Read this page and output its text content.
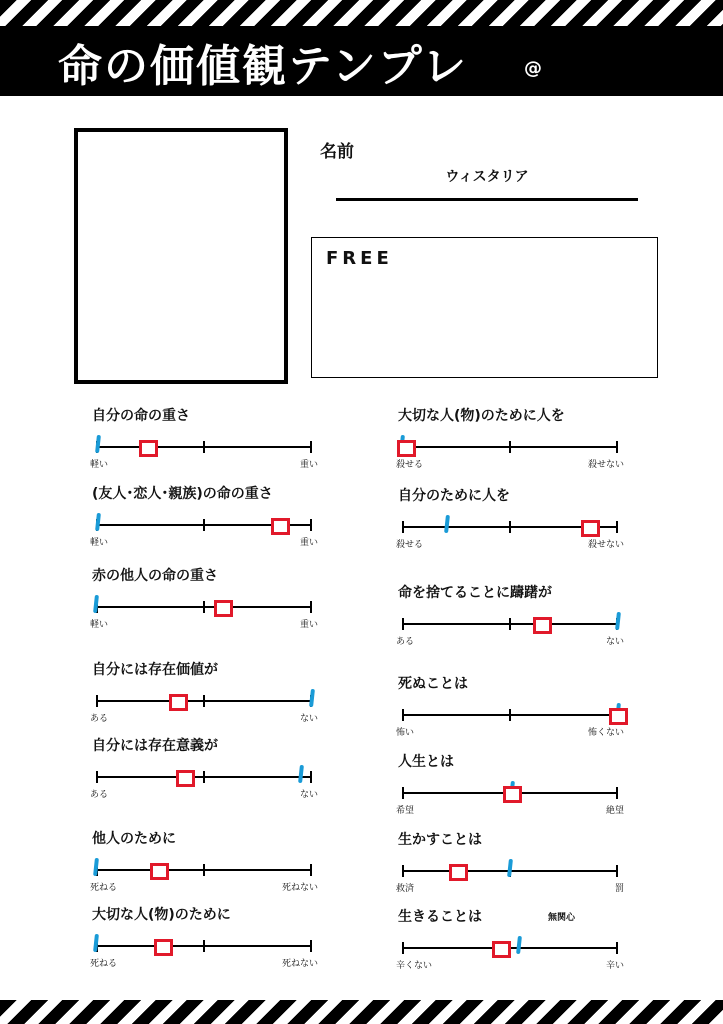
命の価値観テンプレ	@
名前
ウィスタリア
FREE
自分の命の重さ
軽い	重い
(友人･恋人･親族)の命の重さ
軽い	重い
赤の他人の命の重さ
軽い	重い
自分には存在価値が
ある	ない
自分には存在意義が
ある	ない
他人のために
死ねる	死ねない
大切な人(物)のために
死ねる	死ねない
大切な人(物)のために人を
殺せる	殺せない
自分のために人を
殺せる	殺せない
命を捨てることに躊躇が
ある	ない
死ぬことは
怖い	怖くない
人生とは
希望	絶望
生かすことは
救済	罰
生きることは	無関心
辛くない	辛い
